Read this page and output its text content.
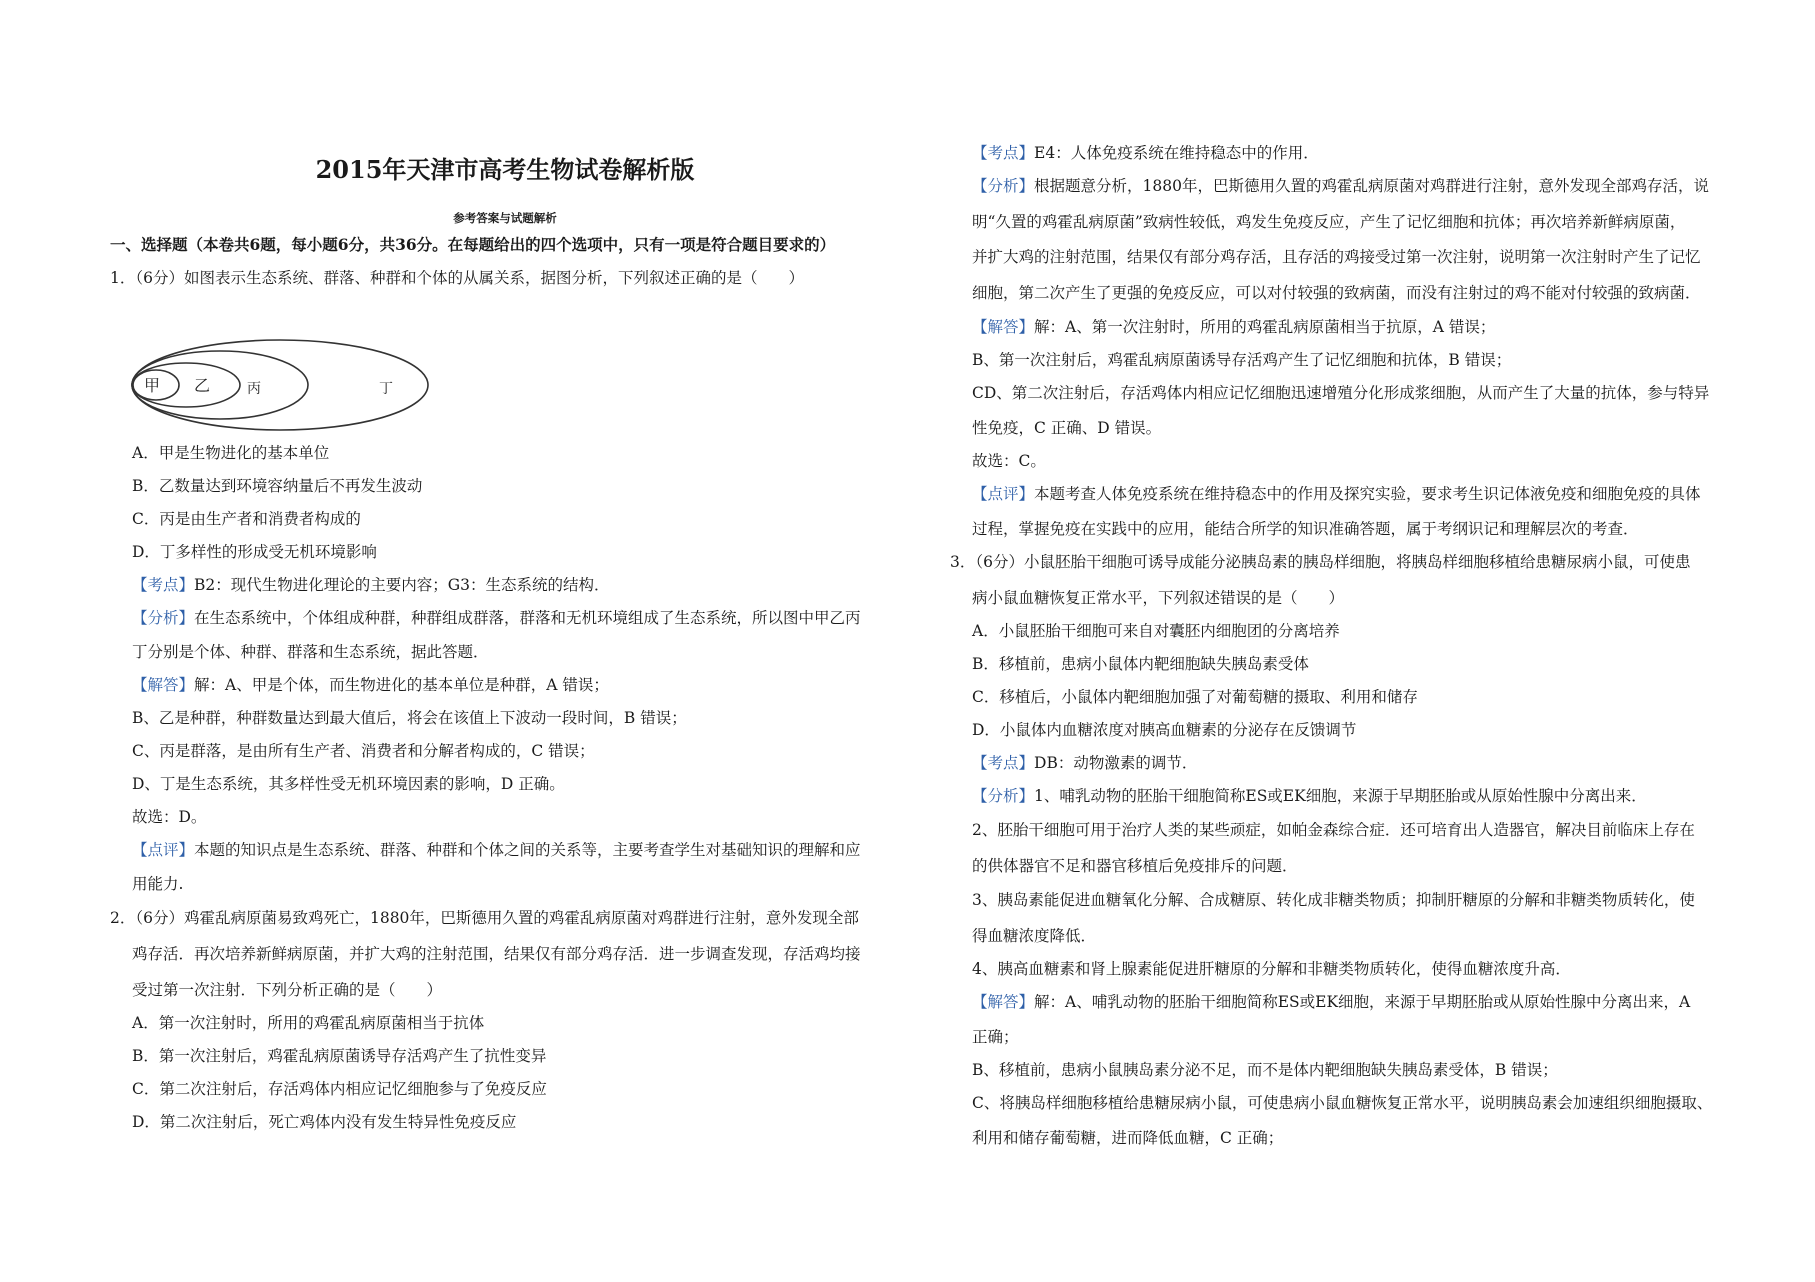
2015年天津市高考生物试卷解析版
参考答案与试题解析
一、选择题（本卷共6题，每小题6分，共36分。在每题给出的四个选项中，只有一项是符合题目要求的）
1．（6分）如图表示生态系统、群落、种群和个体的从属关系，据图分析，下列叙述正确的是（　　）
甲 乙	丙	丁
A．甲是生物进化的基本单位
B．乙数量达到环境容纳量后不再发生波动
C．丙是由生产者和消费者构成的
D．丁多样性的形成受无机环境影响
【考点】B2：现代生物进化理论的主要内容；G3：生态系统的结构．
【分析】在生态系统中，个体组成种群，种群组成群落，群落和无机环境组成了生态系统，所以图中甲乙丙
丁分别是个体、种群、群落和生态系统，据此答题．
【解答】解：A、甲是个体，而生物进化的基本单位是种群，A 错误；
B、乙是种群，种群数量达到最大值后，将会在该值上下波动一段时间，B 错误；
C、丙是群落，是由所有生产者、消费者和分解者构成的，C 错误；
D、丁是生态系统，其多样性受无机环境因素的影响，D 正确。
故选：D。
【点评】本题的知识点是生态系统、群落、种群和个体之间的关系等，主要考查学生对基础知识的理解和应
用能力.
2．（6分）鸡霍乱病原菌易致鸡死亡，1880年，巴斯德用久置的鸡霍乱病原菌对鸡群进行注射，意外发现全部
鸡存活．再次培养新鲜病原菌，并扩大鸡的注射范围，结果仅有部分鸡存活．进一步调查发现，存活鸡均接
受过第一次注射．下列分析正确的是（　　）
A．第一次注射时，所用的鸡霍乱病原菌相当于抗体
B．第一次注射后，鸡霍乱病原菌诱导存活鸡产生了抗性变异
C．第二次注射后，存活鸡体内相应记忆细胞参与了免疫反应
D．第二次注射后，死亡鸡体内没有发生特异性免疫反应
【考点】E4：人体免疫系统在维持稳态中的作用．
【分析】根据题意分析，1880年，巴斯德用久置的鸡霍乱病原菌对鸡群进行注射，意外发现全部鸡存活，说
明“久置的鸡霍乱病原菌”致病性较低，鸡发生免疫反应，产生了记忆细胞和抗体；再次培养新鲜病原菌，
并扩大鸡的注射范围，结果仅有部分鸡存活，且存活的鸡接受过第一次注射，说明第一次注射时产生了记忆
细胞，第二次产生了更强的免疫反应，可以对付较强的致病菌，而没有注射过的鸡不能对付较强的致病菌．
【解答】解：A、第一次注射时，所用的鸡霍乱病原菌相当于抗原，A 错误；
B、第一次注射后，鸡霍乱病原菌诱导存活鸡产生了记忆细胞和抗体，B 错误；
CD、第二次注射后，存活鸡体内相应记忆细胞迅速增殖分化形成浆细胞，从而产生了大量的抗体，参与特异
性免疫，C 正确、D 错误。
故选：C。
【点评】本题考查人体免疫系统在维持稳态中的作用及探究实验，要求考生识记体液免疫和细胞免疫的具体
过程，掌握免疫在实践中的应用，能结合所学的知识准确答题，属于考纲识记和理解层次的考查．
3．（6分）小鼠胚胎干细胞可诱导成能分泌胰岛素的胰岛样细胞，将胰岛样细胞移植给患糖尿病小鼠，可使患
病小鼠血糖恢复正常水平，下列叙述错误的是（　　）
A．小鼠胚胎干细胞可来自对囊胚内细胞团的分离培养
B．移植前，患病小鼠体内靶细胞缺失胰岛素受体
C．移植后，小鼠体内靶细胞加强了对葡萄糖的摄取、利用和储存
D．小鼠体内血糖浓度对胰高血糖素的分泌存在反馈调节
【考点】DB：动物激素的调节．
【分析】1、哺乳动物的胚胎干细胞简称ES或EK细胞，来源于早期胚胎或从原始性腺中分离出来．
2、胚胎干细胞可用于治疗人类的某些顽症，如帕金森综合症．还可培育出人造器官，解决目前临床上存在
的供体器官不足和器官移植后免疫排斥的问题．
3、胰岛素能促进血糖氧化分解、合成糖原、转化成非糖类物质；抑制肝糖原的分解和非糖类物质转化，使
得血糖浓度降低．
4、胰高血糖素和肾上腺素能促进肝糖原的分解和非糖类物质转化，使得血糖浓度升高．
【解答】解：A、哺乳动物的胚胎干细胞简称ES或EK细胞，来源于早期胚胎或从原始性腺中分离出来，A
正确；
B、移植前，患病小鼠胰岛素分泌不足，而不是体内靶细胞缺失胰岛素受体，B 错误；
C、将胰岛样细胞移植给患糖尿病小鼠，可使患病小鼠血糖恢复正常水平，说明胰岛素会加速组织细胞摄取、
利用和储存葡萄糖，进而降低血糖，C 正确；
